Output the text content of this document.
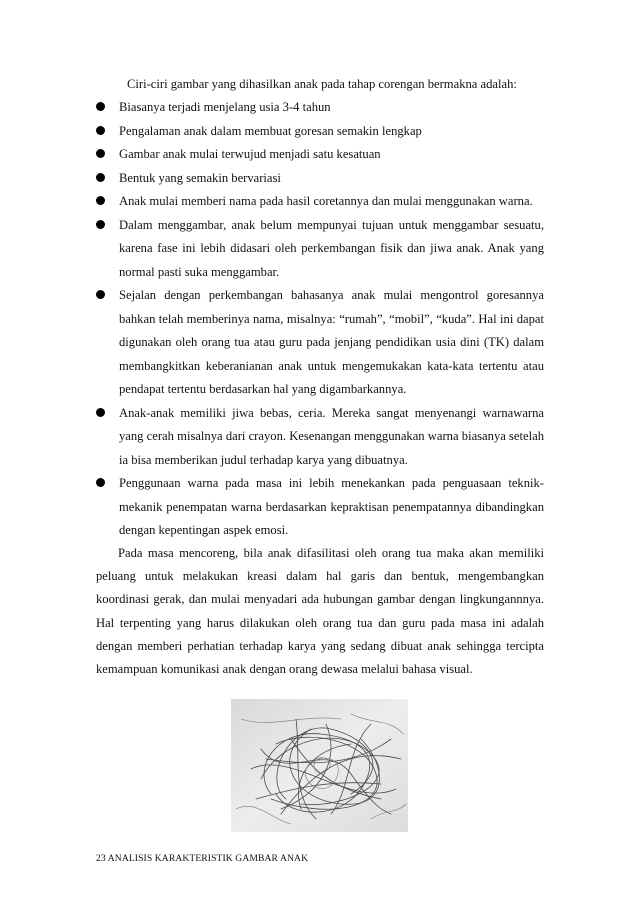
Ciri-ciri gambar yang dihasilkan anak pada tahap corengan bermakna adalah:
Biasanya terjadi menjelang usia 3-4 tahun
Pengalaman anak dalam membuat goresan semakin lengkap
Gambar anak mulai terwujud menjadi satu kesatuan
Bentuk yang semakin bervariasi
Anak mulai memberi nama pada hasil coretannya dan mulai menggunakan warna.
Dalam menggambar, anak belum mempunyai tujuan untuk menggambar sesuatu, karena fase ini lebih didasari oleh perkembangan fisik dan jiwa anak. Anak yang normal pasti suka menggambar.
Sejalan dengan perkembangan bahasanya anak mulai mengontrol goresannya bahkan telah memberinya nama, misalnya: “rumah”, “mobil”, “kuda”. Hal ini dapat digunakan oleh orang tua atau guru pada jenjang pendidikan usia dini (TK) dalam membangkitkan keberanianan anak untuk mengemukakan kata-kata tertentu atau pendapat tertentu berdasarkan hal yang digambarkannya.
Anak-anak memiliki jiwa bebas, ceria. Mereka sangat menyenangi warnawarna yang cerah misalnya dari crayon. Kesenangan menggunakan warna biasanya setelah ia bisa memberikan judul terhadap karya yang dibuatnya.
Penggunaan warna pada masa ini lebih menekankan pada penguasaan teknik-mekanik penempatan warna berdasarkan kepraktisan penempatannya dibandingkan dengan kepentingan aspek emosi.

Pada masa mencoreng, bila anak difasilitasi oleh orang tua maka akan memiliki peluang untuk melakukan kreasi dalam hal garis dan bentuk, mengembangkan koordinasi gerak, dan mulai menyadari ada hubungan gambar dengan lingkungannnya. Hal terpenting yang harus dilakukan oleh orang tua dan guru pada masa ini adalah dengan memberi perhatian terhadap karya yang sedang dibuat anak sehingga tercipta kemampuan komunikasi anak dengan orang dewasa melalui bahasa visual.

23 ANALISIS KARAKTERISTIK GAMBAR ANAK
